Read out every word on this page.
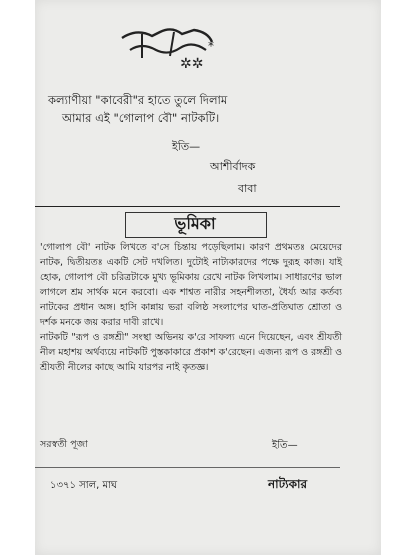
✲✲
*
কল্যাণীয়া "কাবেরী"র হাতে তুলে দিলাম
আমার এই "গোলাপ বৌ" নাটকটি।
ইতি—
আশীর্বাদক
বাবা
ভূমিকা
'গোলাপ বৌ' নাটক লিখতে ব'সে চিন্তায় পড়েছিলাম। কারণ প্রথমতঃ মেয়েদের নাটক, দ্বিতীয়তঃ একটি সেট দখলিত। দুটোই নাট্যকারদের পক্ষে দুরূহ কাজ। যাই হোক, গোলাপ বৌ চরিত্রটাকে মুখ্য ভূমিকায় রেখে নাটক লিখলাম। সাধারণের ভাল লাগলে শ্রম সার্থক মনে করবো। এক শাশ্বত নারীর সহনশীলতা, ধৈর্য্য আর কর্তব্য নাটকের প্রধান অঙ্গ। হাসি কান্নায় ভরা বলিষ্ঠ সংলাপের ঘাত-প্রতিঘাত শ্রোতা ও দর্শক মনকে জয় করার দাবী রাখে।
নাটকটি "রূপ ও রঙ্গশ্রী" সংস্থা অভিনয় ক'রে সাফল্য এনে দিয়েছেন, এবং শ্রীযতী নীল মহাশয় অর্থব্যয়ে নাটকটি পুস্তকাকারে প্রকাশ ক'রেছেন। এজন্য রূপ ও রঙ্গশ্রী ও শ্রীযতী নীলের কাছে আমি যারপর নাই কৃতজ্ঞ।
সরস্বতী পূজা	ইতি—
১৩৭১ সাল, মাঘ	নাট্যকার
